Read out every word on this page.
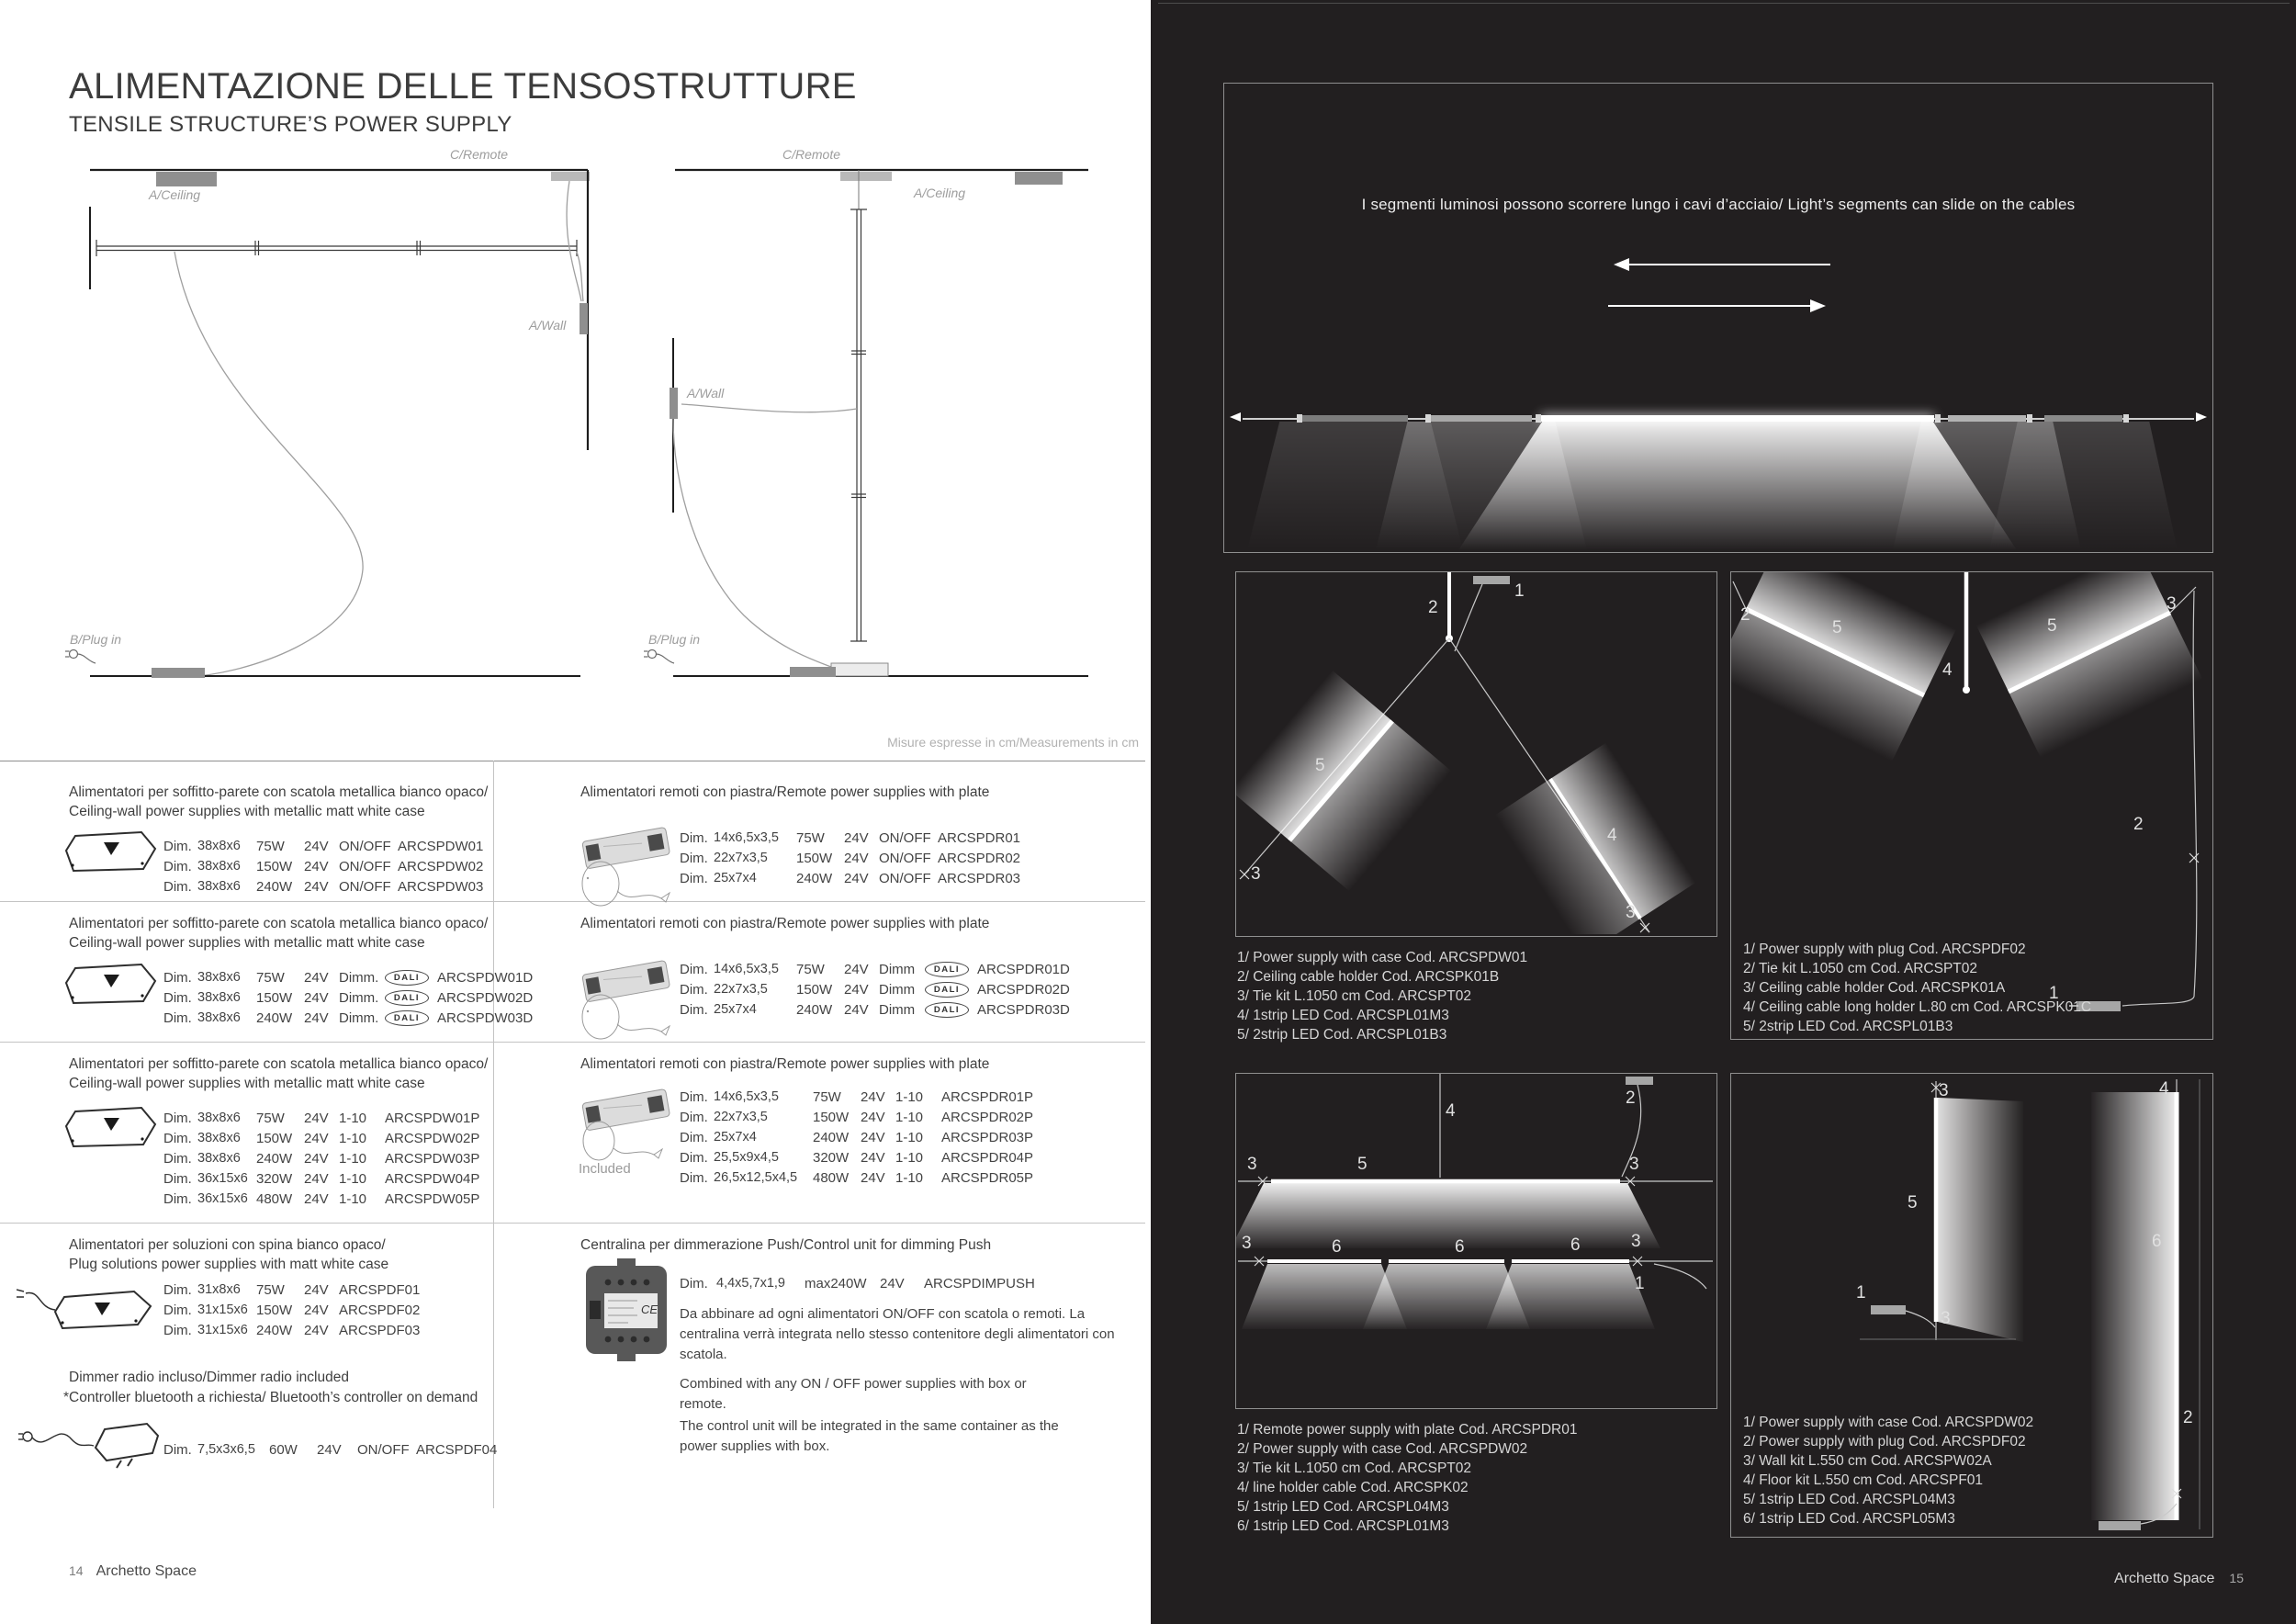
ALIMENTAZIONE DELLE TENSOSTRUTTURE
TENSILE STRUCTURE’S POWER SUPPLY
C/Remote
A/Ceiling
A/Wall
B/Plug in
C/Remote
A/Ceiling
A/Wall
B/Plug in
Misure espresse in cm/Measurements in cm
Alimentatori per soffitto-parete con scatola metallica bianco opaco/
Ceiling-wall power supplies with metallic matt white case
Dim. 38x8x6	75W	24V ON/OFF ARCSPDW01
Dim. 38x8x6	150W 24V ON/OFF ARCSPDW02
Dim. 38x8x6	240W 24V ON/OFF ARCSPDW03
Alimentatori remoti con piastra/Remote power supplies with plate
Dim. 14x6,5x3,5	75W	24V ON/OFF ARCSPDR01
Dim. 22x7x3,5	150W 24V ON/OFF ARCSPDR02
Dim. 25x7x4	240W 24V ON/OFF ARCSPDR03
Alimentatori per soffitto-parete con scatola metallica bianco opaco/
Ceiling-wall power supplies with metallic matt white case
Dim. 38x8x6	75W	24V Dimm.	DALI	ARCSPDW01D
Dim. 38x8x6	150W 24V Dimm.	DALI	ARCSPDW02D
Dim. 38x8x6	240W 24V Dimm.	DALI	ARCSPDW03D
Alimentatori remoti con piastra/Remote power supplies with plate
Dim. 14x6,5x3,5	75W	24V Dimm	DALI	ARCSPDR01D
Dim. 22x7x3,5	150W 24V Dimm	DALI	ARCSPDR02D
Dim. 25x7x4	240W 24V Dimm	DALI	ARCSPDR03D
Alimentatori per soffitto-parete con scatola metallica bianco opaco/
Ceiling-wall power supplies with metallic matt white case
Dim. 38x8x6	75W	24V 1-10	ARCSPDW01P
Dim. 38x8x6	150W 24V 1-10	ARCSPDW02P
Dim. 38x8x6	240W 24V 1-10	ARCSPDW03P
Dim. 36x15x6 320W 24V 1-10	ARCSPDW04P
Dim. 36x15x6 480W 24V 1-10	ARCSPDW05P
Alimentatori remoti con piastra/Remote power supplies with plate
Dim. 14x6,5x3,5	75W	24V 1-10	ARCSPDR01P
Dim. 22x7x3,5	150W 24V 1-10	ARCSPDR02P
Dim. 25x7x4	240W 24V 1-10	ARCSPDR03P
Dim. 25,5x9x4,5	320W 24V 1-10	ARCSPDR04P
Dim. 26,5x12,5x4,5	480W 24V 1-10	ARCSPDR05P
Included
Alimentatori per soluzioni con spina bianco opaco/
Plug solutions power supplies with matt white case
Dim. 31x8x6	75W	24V ARCSPDF01
Dim. 31x15x6 150W 24V ARCSPDF02
Dim. 31x15x6 240W 24V ARCSPDF03
Dimmer radio incluso/Dimmer radio included
*Controller bluetooth a richiesta/ Bluetooth’s controller on demand
Dim. 7,5x3x6,5	60W	24V	ON/OFF ARCSPDF04
Centralina per dimmerazione Push/Control unit for dimming Push
Dim. 4,4x5,7x1,9	max240W 24V	ARCSPDIMPUSH
Da abbinare ad ogni alimentatori ON/OFF con scatola o remoti. La centralina verrà integrata nello stesso contenitore degli alimentatori con scatola.
Combined with any ON / OFF power supplies with box or remote.
The control unit will be integrated in the same container as the power supplies with box.
CE
14 Archetto Space
I segmenti luminosi possono scorrere lungo i cavi d’acciaio/ Light’s segments can slide on the cables
2
1
5
4
3
3
1/ Power supply with case Cod. ARCSPDW01
2/ Ceiling cable holder Cod. ARCSPK01B
3/ Tie kit L.1050 cm Cod. ARCSPT02
4/ 1strip LED Cod. ARCSPL01M3
5/ 2strip LED Cod. ARCSPL01B3
2
3
5	5
4
2
1
1/ Power supply with plug Cod. ARCSPDF02
2/ Tie kit L.1050 cm Cod. ARCSPT02
3/ Ceiling cable holder Cod. ARCSPK01A
4/ Ceiling cable long holder L.80 cm Cod. ARCSPK01C
5/ 2strip LED Cod. ARCSPL01B3
3	5
4
2
3
3	6	6	6	3
1
1/ Remote power supply with plate Cod. ARCSPDR01
2/ Power supply with case Cod. ARCSPDW02
3/ Tie kit L.1050 cm Cod. ARCSPT02
4/ line holder cable Cod. ARCSPK02
5/ 1strip LED Cod. ARCSPL04M3
6/ 1strip LED Cod. ARCSPL01M3
3	4
5
6
1
3
2
1/ Power supply with case Cod. ARCSPDW02
2/ Power supply with plug Cod. ARCSPDF02
3/ Wall kit L.550 cm Cod. ARCSPW02A
4/ Floor kit L.550 cm Cod. ARCSPF01
5/ 1strip LED Cod. ARCSPL04M3
6/ 1strip LED Cod. ARCSPL05M3
Archetto Space 15
